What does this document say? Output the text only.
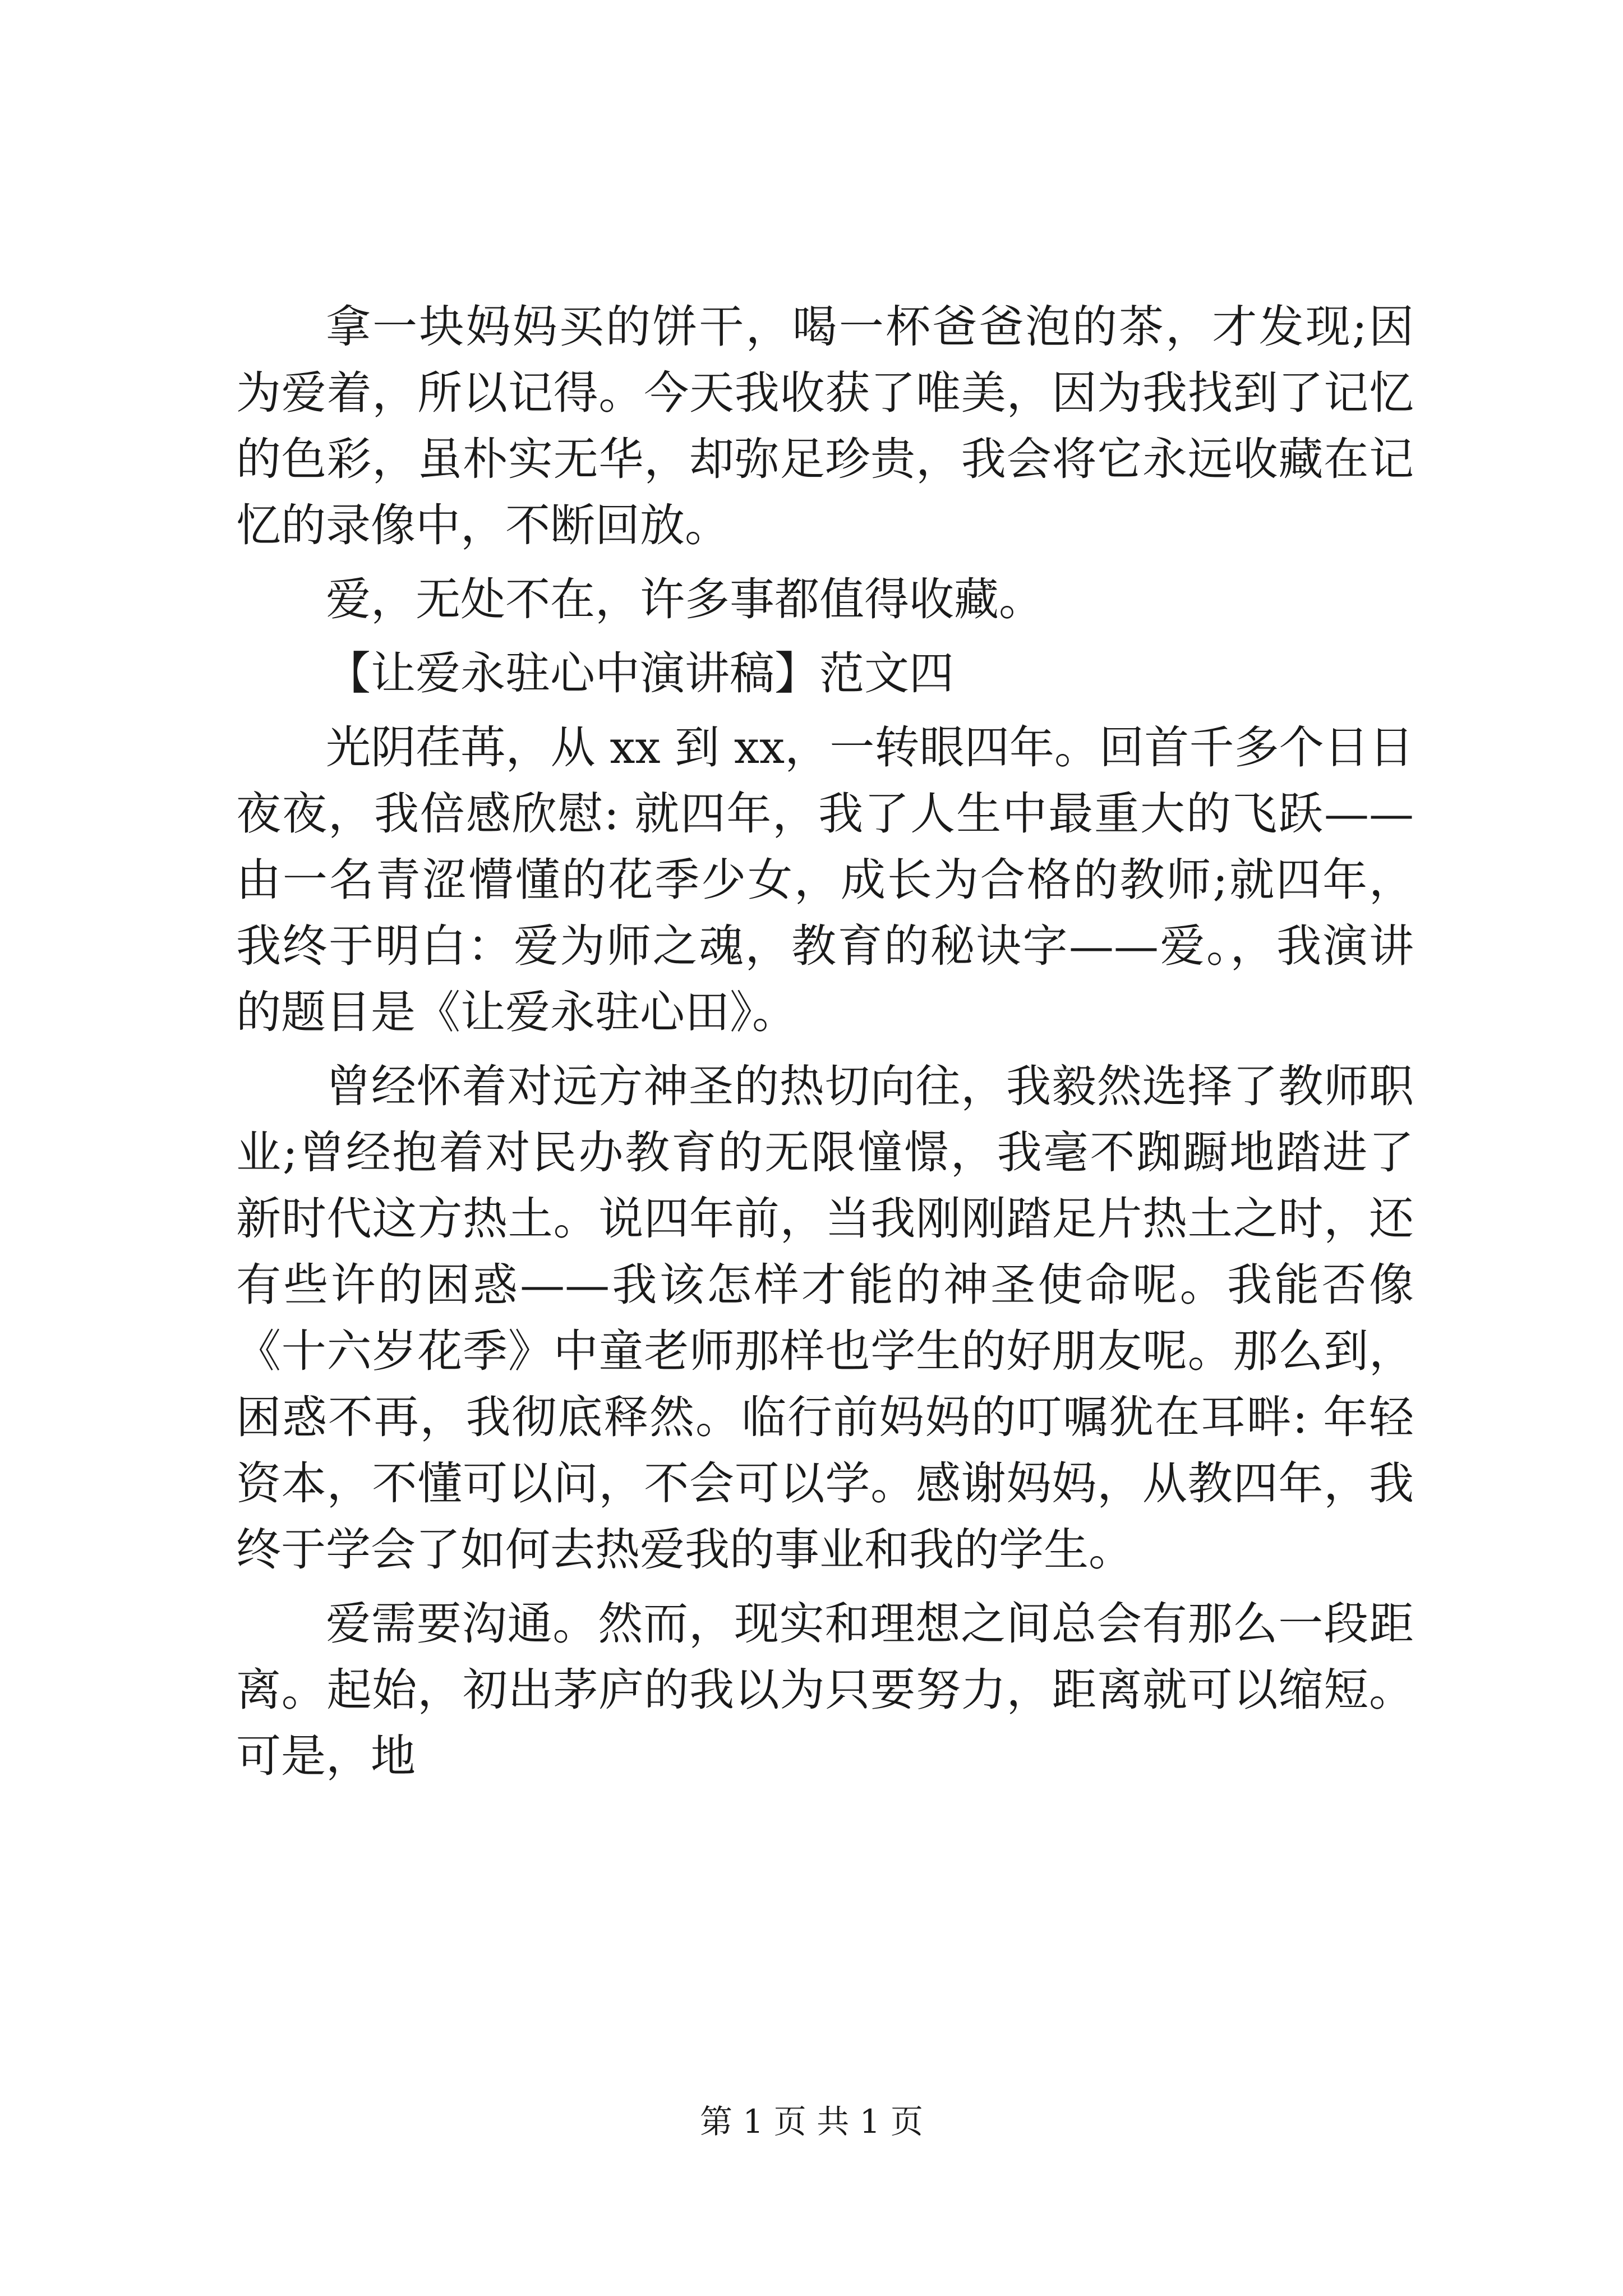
拿一块妈妈买的饼干，喝一杯爸爸泡的茶，才发现;因为爱着，所以记得。今天我收获了唯美，因为我找到了记忆的色彩，虽朴实无华，却弥足珍贵，我会将它永远收藏在记忆的录像中，不断回放。

爱，无处不在，许多事都值得收藏。

【让爱永驻心中演讲稿】范文四

光阴荏苒，从 xx 到 xx，一转眼四年。回首千多个日日夜夜，我倍感欣慰: 就四年，我了人生中最重大的飞跃——由一名青涩懵懂的花季少女，成长为合格的教师;就四年，我终于明白：爱为师之魂，教育的秘诀字——爱。，我演讲的题目是《让爱永驻心田》。

曾经怀着对远方神圣的热切向往，我毅然选择了教师职业;曾经抱着对民办教育的无限憧憬，我毫不踟蹰地踏进了新时代这方热土。说四年前，当我刚刚踏足片热土之时，还有些许的困惑——我该怎样才能的神圣使命呢。我能否像《十六岁花季》中童老师那样也学生的好朋友呢。那么到，困惑不再，我彻底释然。临行前妈妈的叮嘱犹在耳畔: 年轻资本，不懂可以问，不会可以学。感谢妈妈，从教四年，我终于学会了如何去热爱我的事业和我的学生。

爱需要沟通。然而，现实和理想之间总会有那么一段距离。起始，初出茅庐的我以为只要努力，距离就可以缩短。可是，地

第 1 页 共 1 页
